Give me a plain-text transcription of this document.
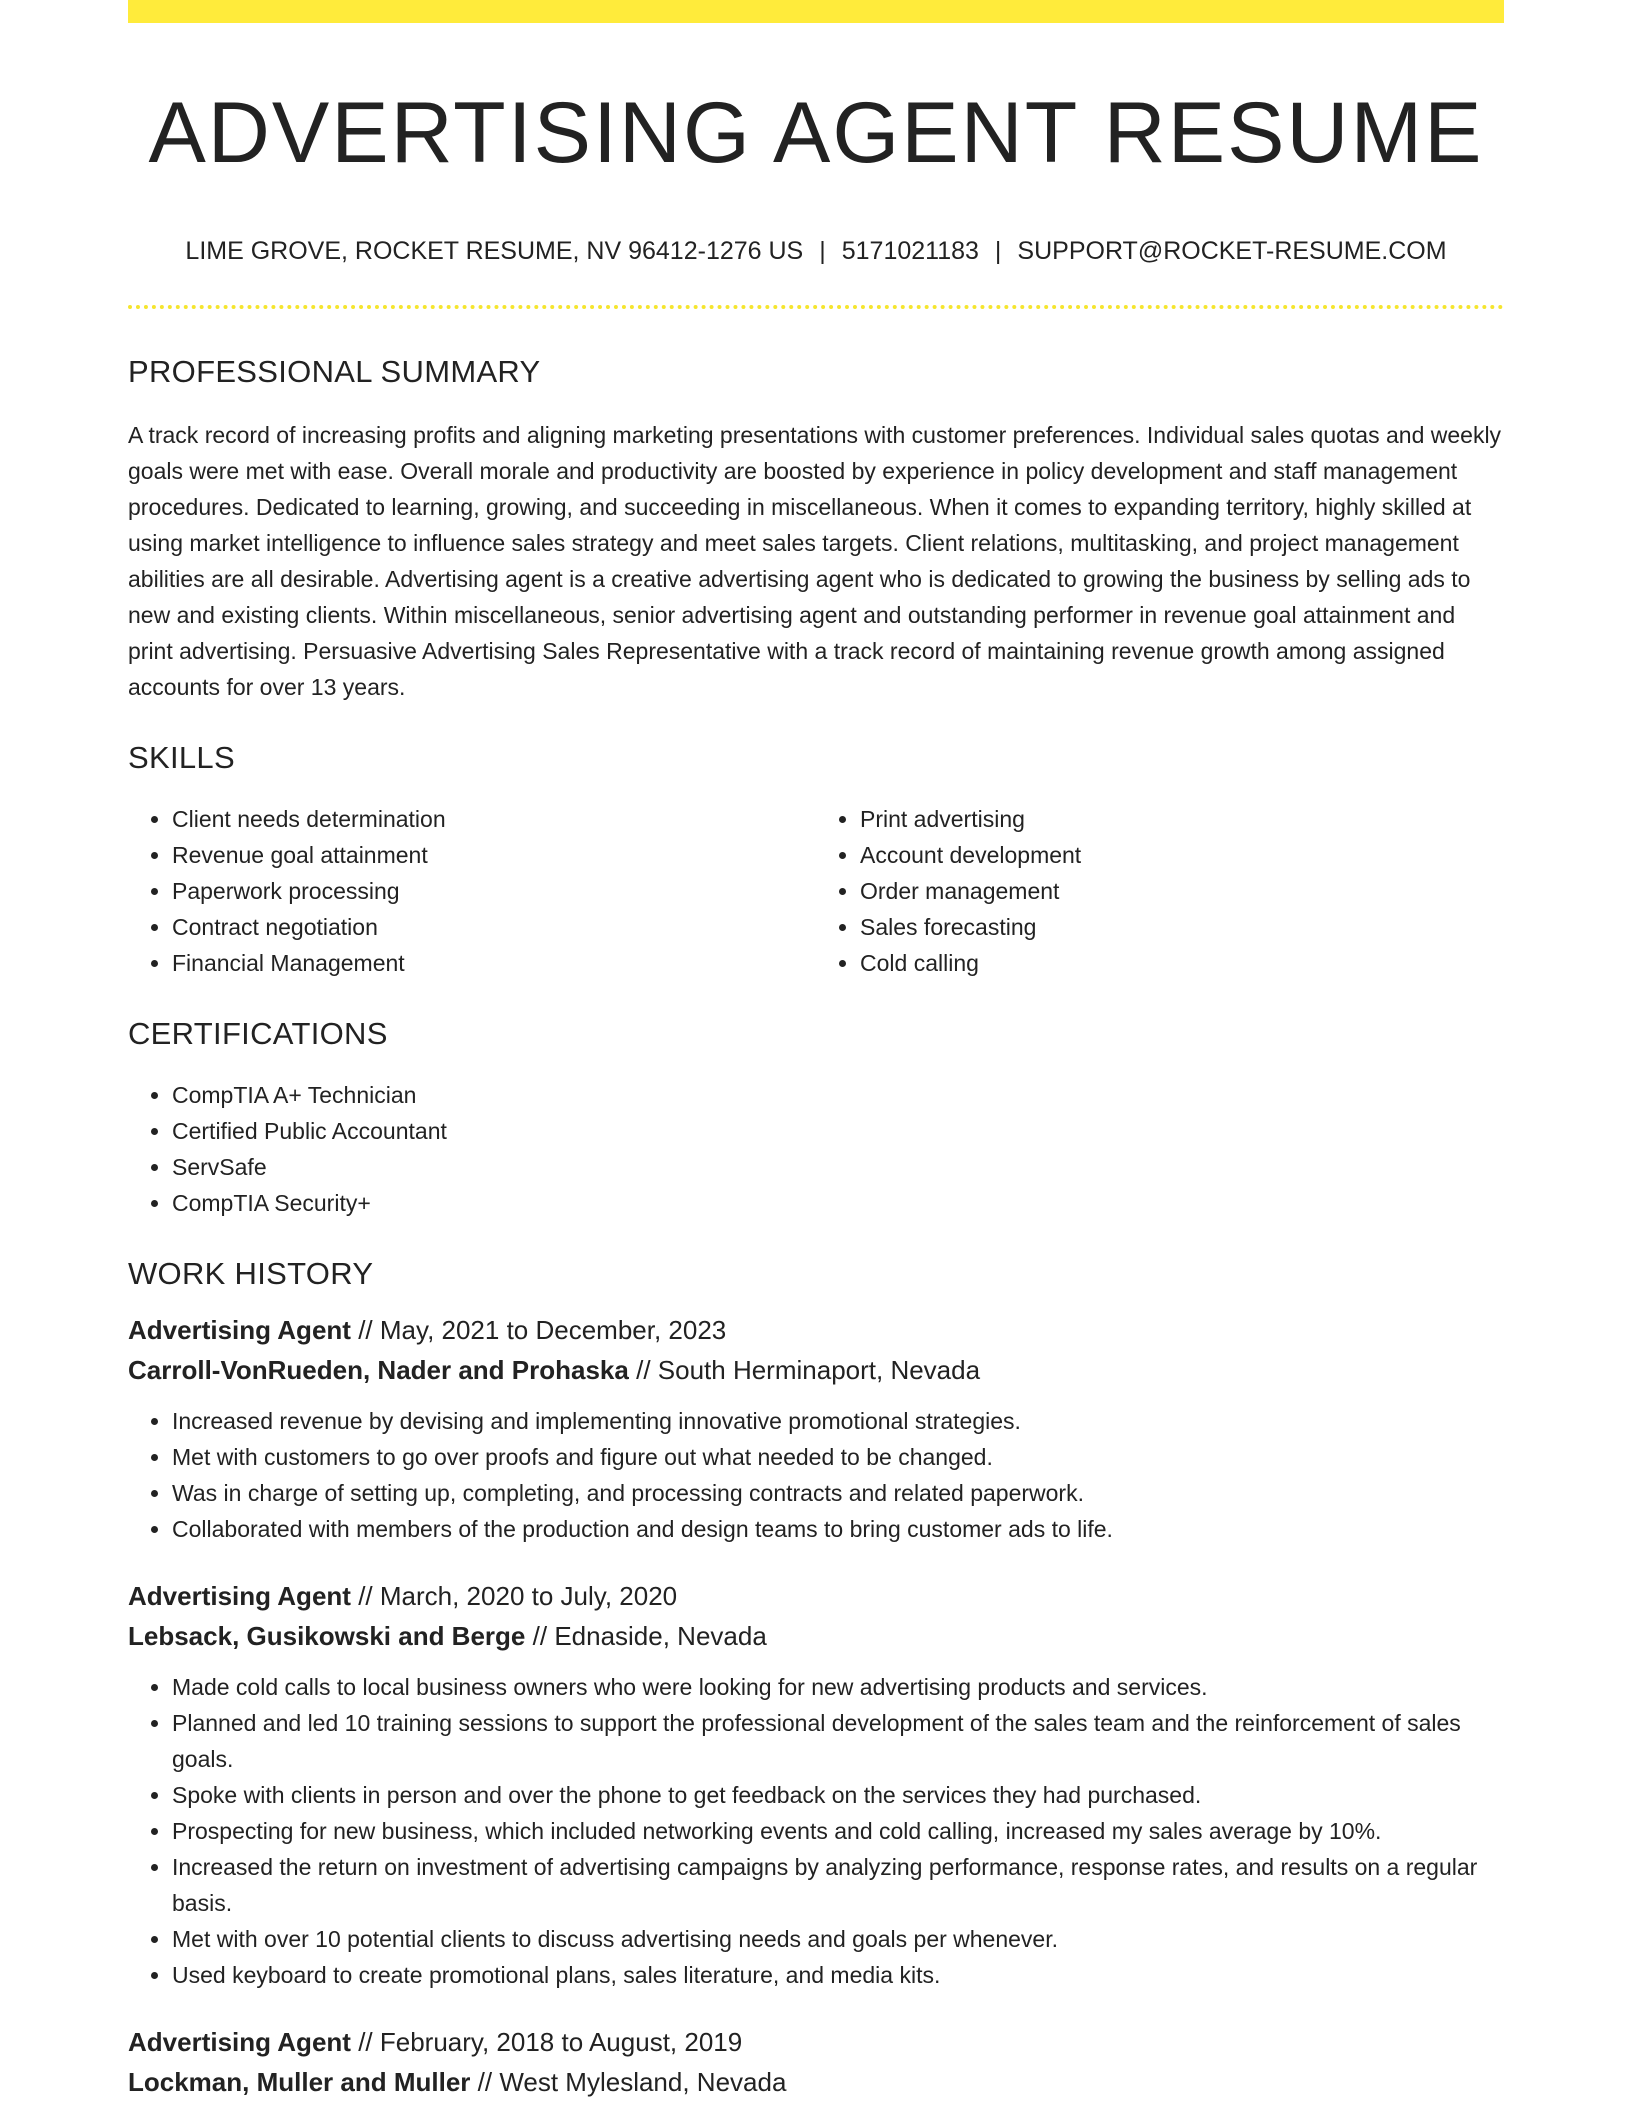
ADVERTISING AGENT RESUME
LIME GROVE, ROCKET RESUME, NV 96412-1276 US | 5171021183 | SUPPORT@ROCKET-RESUME.COM
PROFESSIONAL SUMMARY

A track record of increasing profits and aligning marketing presentations with customer preferences. Individual sales quotas and weekly goals were met with ease. Overall morale and productivity are boosted by experience in policy development and staff management procedures. Dedicated to learning, growing, and succeeding in miscellaneous. When it comes to expanding territory, highly skilled at using market intelligence to influence sales strategy and meet sales targets. Client relations, multitasking, and project management abilities are all desirable. Advertising agent is a creative advertising agent who is dedicated to growing the business by selling ads to new and existing clients. Within miscellaneous, senior advertising agent and outstanding performer in revenue goal attainment and print advertising. Persuasive Advertising Sales Representative with a track record of maintaining revenue growth among assigned accounts for over 13 years.

SKILLS
• Client needs determination
• Revenue goal attainment
• Paperwork processing
• Contract negotiation
• Financial Management
• Print advertising
• Account development
• Order management
• Sales forecasting
• Cold calling
CERTIFICATIONS
• CompTIA A+ Technician
• Certified Public Accountant
• ServSafe
• CompTIA Security+
WORK HISTORY
Advertising Agent // May, 2021 to December, 2023
Carroll-VonRueden, Nader and Prohaska // South Herminaport, Nevada
• Increased revenue by devising and implementing innovative promotional strategies.
• Met with customers to go over proofs and figure out what needed to be changed.
• Was in charge of setting up, completing, and processing contracts and related paperwork.
• Collaborated with members of the production and design teams to bring customer ads to life.
Advertising Agent // March, 2020 to July, 2020
Lebsack, Gusikowski and Berge // Ednaside, Nevada
• Made cold calls to local business owners who were looking for new advertising products and services.
• Planned and led 10 training sessions to support the professional development of the sales team and the reinforcement of sales goals.
• Spoke with clients in person and over the phone to get feedback on the services they had purchased.
• Prospecting for new business, which included networking events and cold calling, increased my sales average by 10%.
• Increased the return on investment of advertising campaigns by analyzing performance, response rates, and results on a regular basis.
• Met with over 10 potential clients to discuss advertising needs and goals per whenever.
• Used keyboard to create promotional plans, sales literature, and media kits.
Advertising Agent // February, 2018 to August, 2019
Lockman, Muller and Muller // West Mylesland, Nevada
